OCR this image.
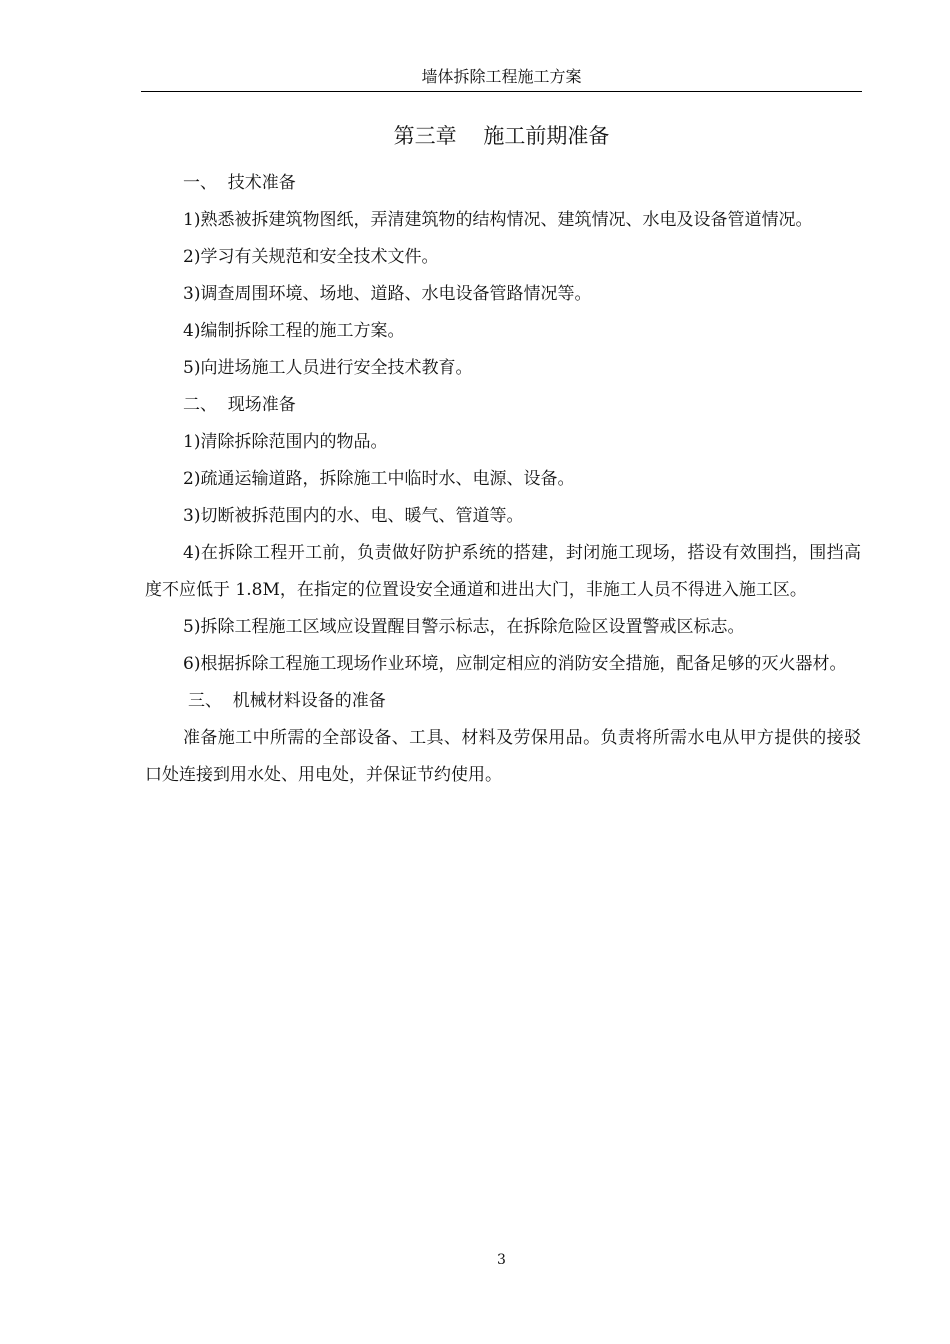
墙体拆除工程施工方案
第三章    施工前期准备

一、  技术准备

1)熟悉被拆建筑物图纸，弄清建筑物的结构情况、建筑情况、水电及设备管道情况。

2)学习有关规范和安全技术文件。

3)调查周围环境、场地、道路、水电设备管路情况等。

4)编制拆除工程的施工方案。

5)向进场施工人员进行安全技术教育。

二、  现场准备

1)清除拆除范围内的物品。

2)疏通运输道路，拆除施工中临时水、电源、设备。

3)切断被拆范围内的水、电、暖气、管道等。

4)在拆除工程开工前，负责做好防护系统的搭建，封闭施工现场，搭设有效围挡，围挡高度不应低于 1.8M，在指定的位置设安全通道和进出大门，非施工人员不得进入施工区。

5)拆除工程施工区域应设置醒目警示标志，在拆除危险区设置警戒区标志。

6)根据拆除工程施工现场作业环境，应制定相应的消防安全措施，配备足够的灭火器材。

三、  机械材料设备的准备

准备施工中所需的全部设备、工具、材料及劳保用品。负责将所需水电从甲方提供的接驳口处连接到用水处、用电处，并保证节约使用。

3
